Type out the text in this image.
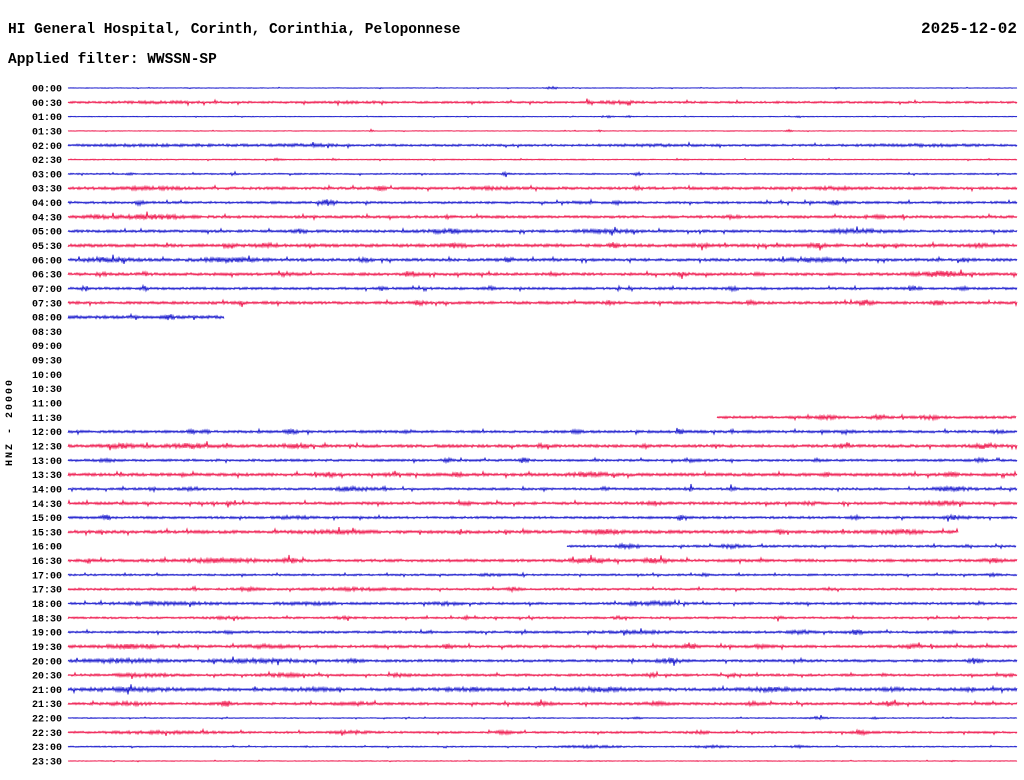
HI General Hospital, Corinth, Corinthia, Peloponnese	2025-12-02
Applied filter: WWSSN-SP
HNZ - 20000
00:00
00:30
01:00
01:30
02:00
02:30
03:00
03:30
04:00
04:30
05:00
05:30
06:00
06:30
07:00
07:30
08:00
08:30
09:00
09:30
10:00
10:30
11:00
11:30
12:00
12:30
13:00
13:30
14:00
14:30
15:00
15:30
16:00
16:30
17:00
17:30
18:00
18:30
19:00
19:30
20:00
20:30
21:00
21:30
22:00
22:30
23:00
23:30
